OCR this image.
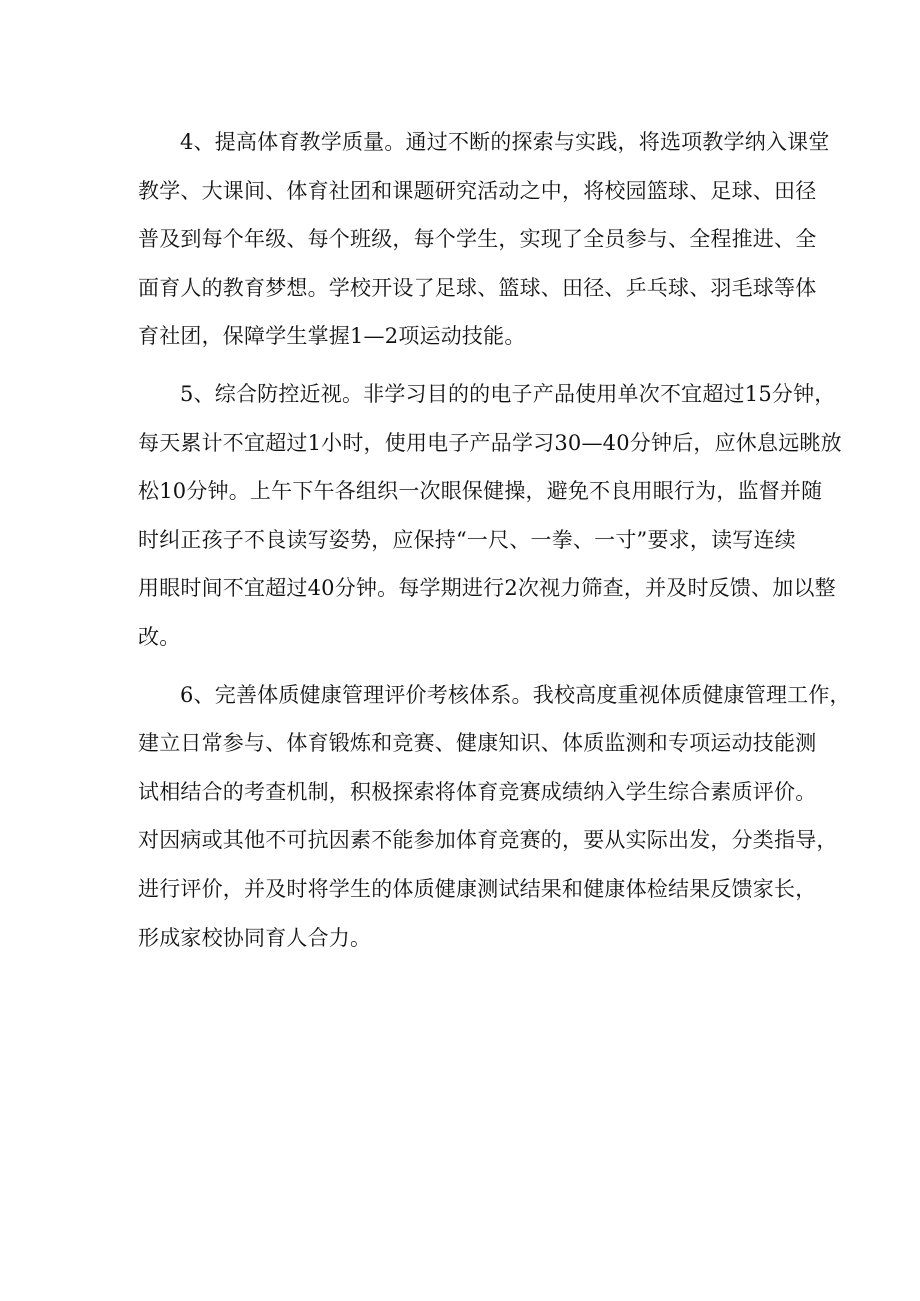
4、提高体育教学质量。通过不断的探索与实践，将选项教学纳入课堂
教学、大课间、体育社团和课题研究活动之中，将校园篮球、足球、田径
普及到每个年级、每个班级，每个学生，实现了全员参与、全程推进、全
面育人的教育梦想。学校开设了足球、篮球、田径、乒乓球、羽毛球等体
育社团，保障学生掌握1—2项运动技能。
5、综合防控近视。非学习目的的电子产品使用单次不宜超过15分钟，
每天累计不宜超过1小时，使用电子产品学习30—40分钟后，应休息远眺放
松10分钟。上午下午各组织一次眼保健操，避免不良用眼行为，监督并随
时纠正孩子不良读写姿势，应保持“一尺、一拳、一寸”要求，读写连续
用眼时间不宜超过40分钟。每学期进行2次视力筛查，并及时反馈、加以整
改。
6、完善体质健康管理评价考核体系。我校高度重视体质健康管理工作，
建立日常参与、体育锻炼和竞赛、健康知识、体质监测和专项运动技能测
试相结合的考查机制，积极探索将体育竞赛成绩纳入学生综合素质评价。
对因病或其他不可抗因素不能参加体育竞赛的，要从实际出发，分类指导，
进行评价，并及时将学生的体质健康测试结果和健康体检结果反馈家长，
形成家校协同育人合力。
